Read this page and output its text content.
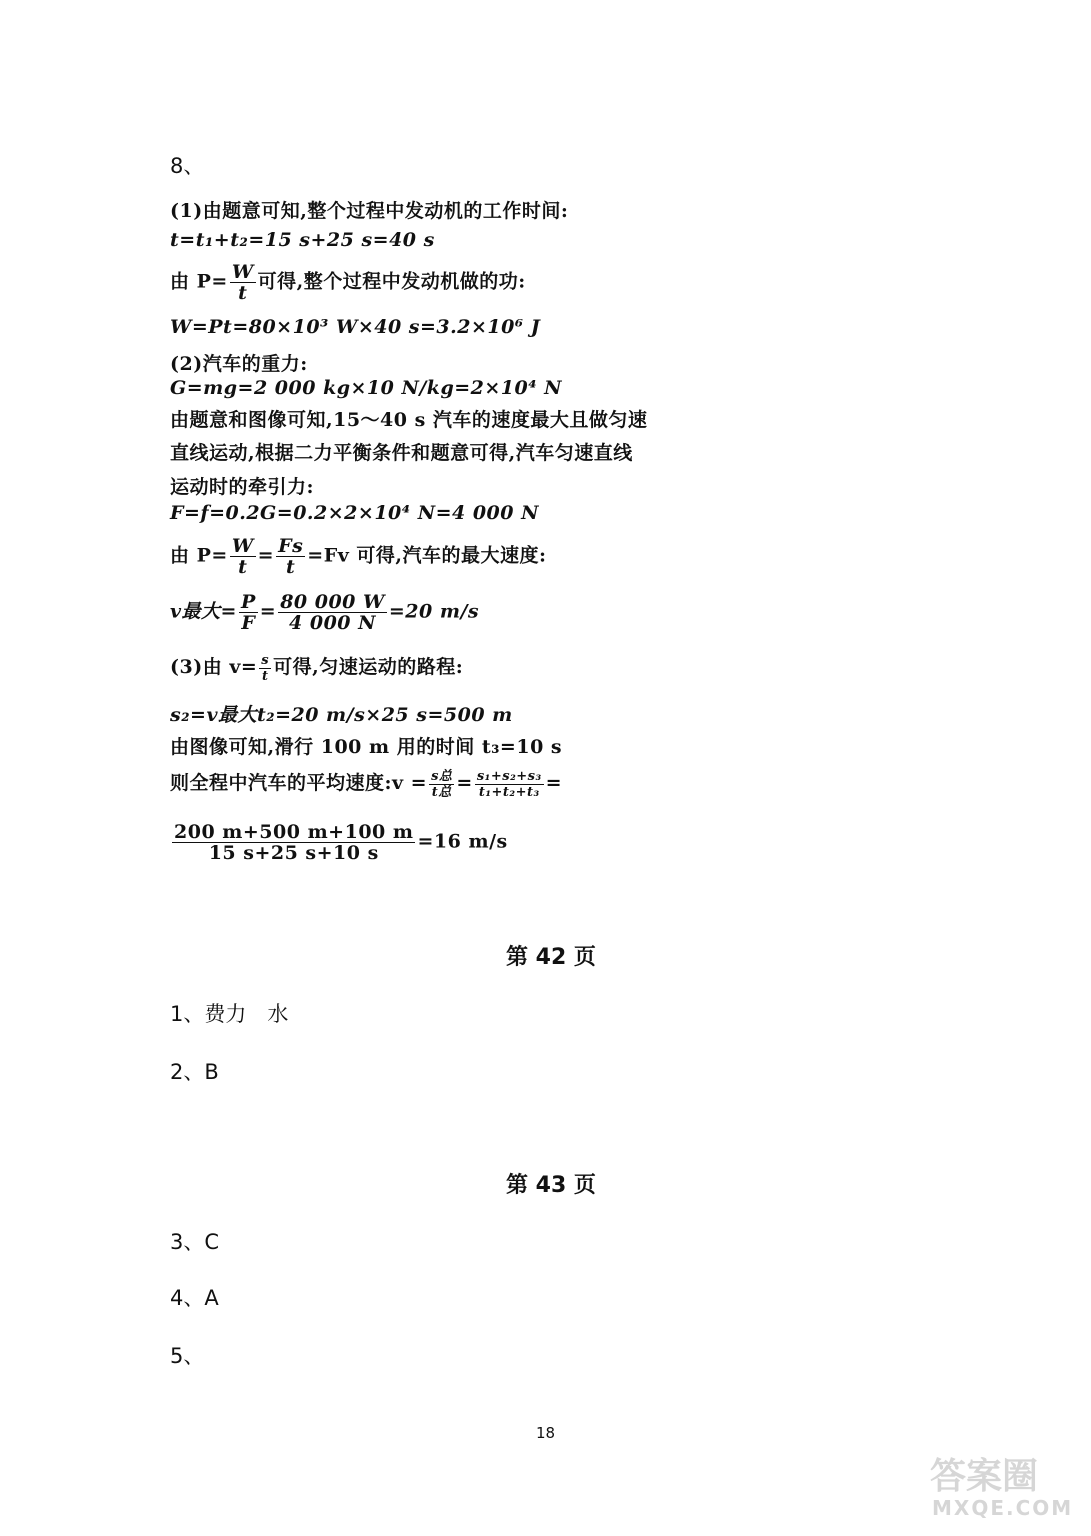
8、
(1)由题意可知,整个过程中发动机的工作时间:
t=t₁+t₂=15 s+25 s=40 s
由 $P= \frac{W}{t}$ 可得,整个过程中发动机做的功:
W=Pt=80×10³ W×40 s=3.2×10⁶ J
(2)汽车的重力:
G=mg=2 000 kg×10 N/kg=2×10⁴ N
由题意和图像可知,15～40 s 汽车的速度最大且做匀速
直线运动,根据二力平衡条件和题意可得,汽车匀速直线
运动时的牵引力:
F=f=0.2G=0.2×2×10⁴ N=4 000 N
由 $P= \frac{W}{t} = \frac{Fs}{t} =Fv$ 可得,汽车的最大速度:
v最大= $\frac{P}{F} = \frac{80 000 W}{4 000 N} =20$ m/s
(3)由 $v= \frac{s}{t}$ 可得,匀速运动的路程:
s₂=v最大t₂=20 m/s×25 s=500 m
由图像可知,滑行 100 m 用的时间 t₃=10 s
则全程中汽车的平均速度:v = $\frac{\text{s总}}{\text{t总}} = \frac{\text{s₁+s₂+s₃}}{\text{t₁+t₂+t₃}}$ =
$\frac{200 m+500 m+100 m}{15 s+25 s+10 s} =16$ m/s
第 42 页
1、费力　水
2、B
第 43 页
3、C
4、A
5、
18
答案圈
MXQE.COM
